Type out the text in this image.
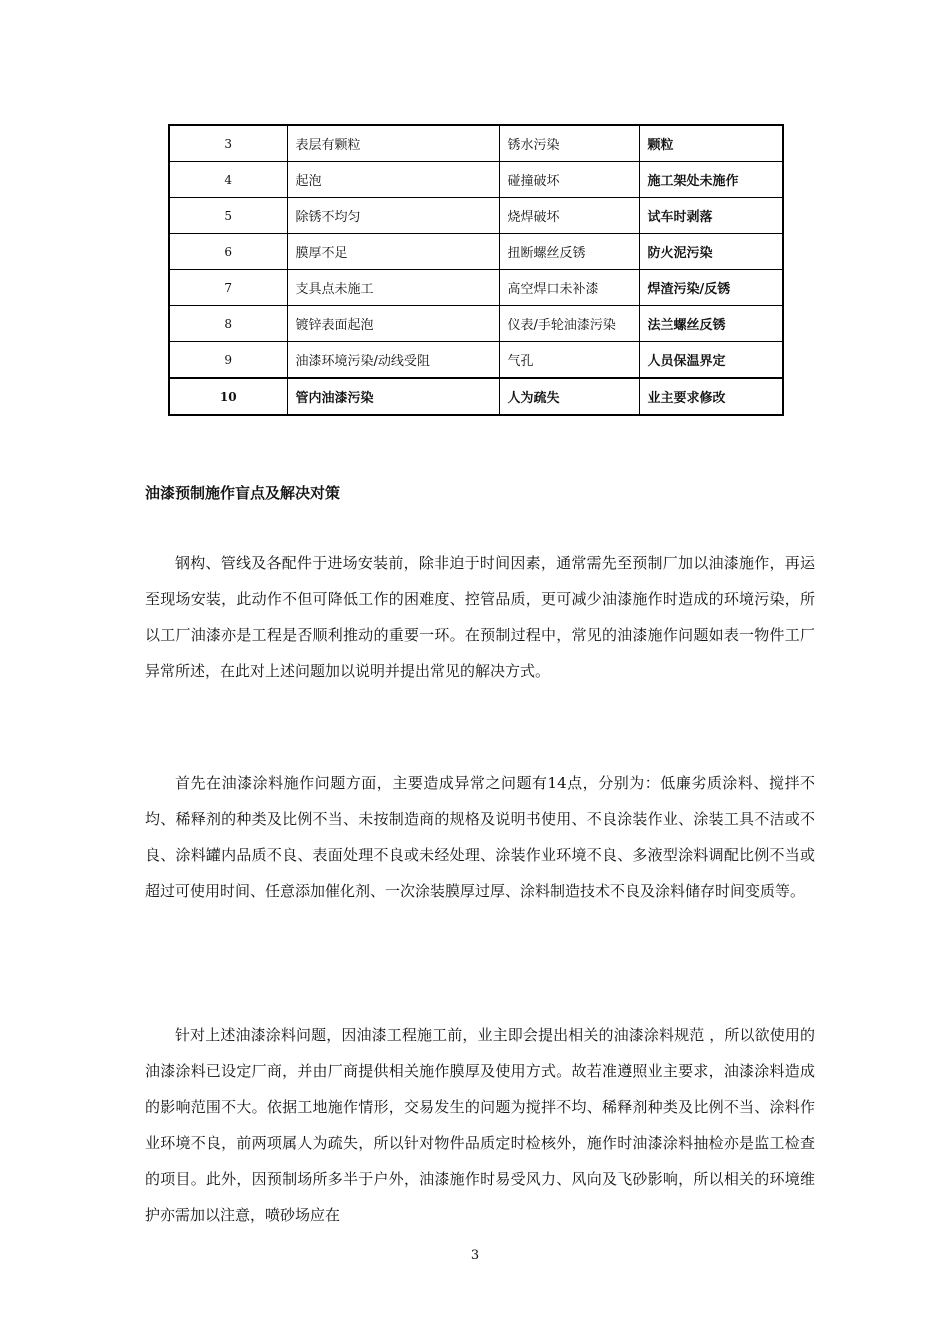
3	表层有颗粒	锈水污染	颗粒
4	起泡	碰撞破坏	施工架处未施作
5	除锈不均匀	烧焊破坏	试车时剥落
6	膜厚不足	扭断螺丝反锈	防火泥污染
7	支具点未施工	高空焊口未补漆	焊渣污染/反锈
8	镀锌表面起泡	仪表/手轮油漆污染	法兰螺丝反锈
9	油漆环境污染/动线受阻	气孔	人员保温界定
10	管内油漆污染	人为疏失	业主要求修改
油漆预制施作盲点及解决对策

钢构、管线及各配件于进场安装前，除非迫于时间因素，通常需先至预制厂加以油漆施作，再运至现场安装，此动作不但可降低工作的困难度、控管品质，更可减少油漆施作时造成的环境污染，所以工厂油漆亦是工程是否顺利推动的重要一环。在预制过程中，常见的油漆施作问题如表一物件工厂异常所述，在此对上述问题加以说明并提出常见的解决方式。

首先在油漆涂料施作问题方面，主要造成异常之问题有14点，分别为：低廉劣质涂料、搅拌不均、稀释剂的种类及比例不当、未按制造商的规格及说明书使用、不良涂装作业、涂装工具不洁或不良、涂料罐内品质不良、表面处理不良或未经处理、涂装作业环境不良、多液型涂料调配比例不当或超过可使用时间、任意添加催化剂、一次涂装膜厚过厚、涂料制造技术不良及涂料储存时间变质等。

针对上述油漆涂料问题，因油漆工程施工前，业主即会提出相关的油漆涂料规范 ，所以欲使用的油漆涂料已设定厂商，并由厂商提供相关施作膜厚及使用方式。故若准遵照业主要求，油漆涂料造成的影响范围不大。依据工地施作情形，交易发生的问题为搅拌不均、稀释剂种类及比例不当、涂料作业环境不良，前两项属人为疏失，所以针对物件品质定时检核外，施作时油漆涂料抽检亦是监工检查的项目。此外，因预制场所多半于户外，油漆施作时易受风力、风向及飞砂影响，所以相关的环境维护亦需加以注意，喷砂场应在

3
